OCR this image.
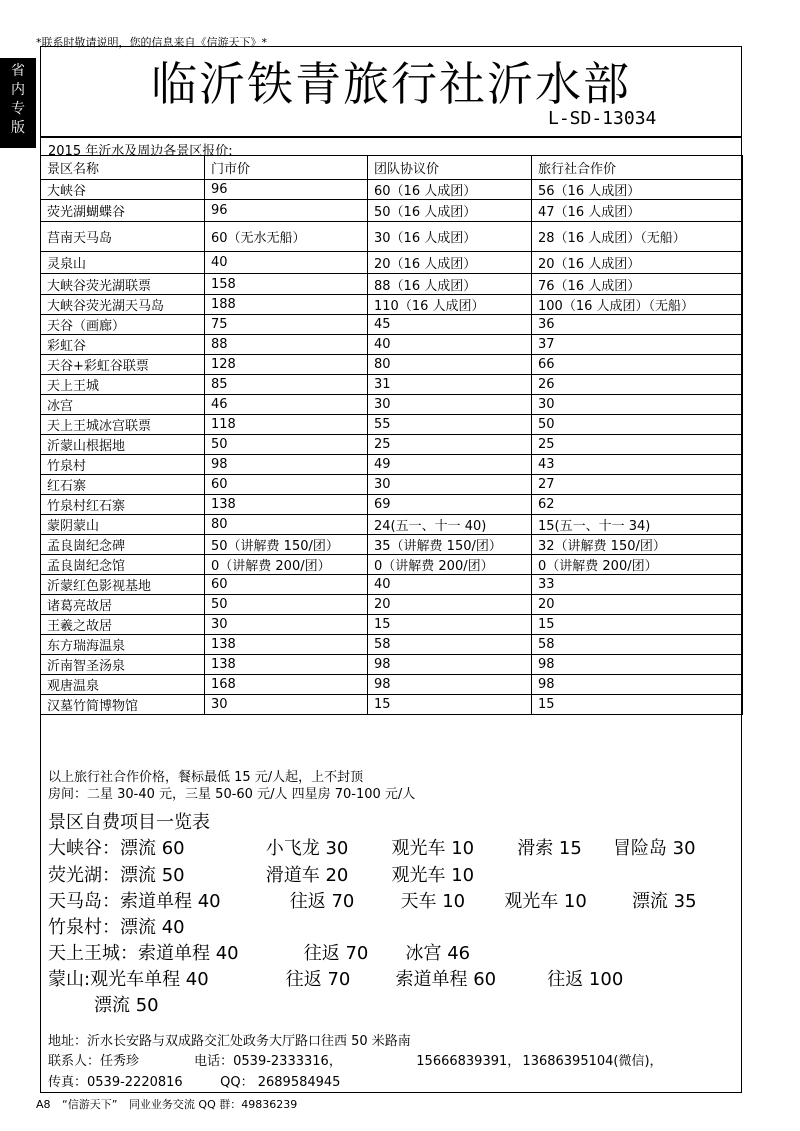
*联系时敬请说明，您的信息来自《信游天下》*
省
内
专
版
临沂铁青旅行社沂水部
L-SD-13034
2015 年沂水及周边各景区报价:
景区名称	门市价	团队协议价	旅行社合作价
大峡谷	96	60（16 人成团）	56（16 人成团）
荧光湖蝴蝶谷	96	50（16 人成团）	47（16 人成团）
莒南天马岛	60（无水无船）	30（16 人成团）	28（16 人成团）（无船）
灵泉山	40	20（16 人成团）	20（16 人成团）
大峡谷荧光湖联票	158	88（16 人成团）	76（16 人成团）
大峡谷荧光湖天马岛	188	110（16 人成团）	100（16 人成团）（无船）
天谷（画廊）	75	45	36
彩虹谷	88	40	37
天谷+彩虹谷联票	128	80	66
天上王城	85	31	26
冰宫	46	30	30
天上王城冰宫联票	118	55	50
沂蒙山根据地	50	25	25
竹泉村	98	49	43
红石寨	60	30	27
竹泉村红石寨	138	69	62
蒙阴蒙山	80	24(五一、十一 40)	15(五一、十一 34)
孟良崮纪念碑	50（讲解费 150/团）	35（讲解费 150/团）	32（讲解费 150/团）
孟良崮纪念馆	0（讲解费 200/团）	0（讲解费 200/团）	0（讲解费 200/团）
沂蒙红色影视基地	60	40	33
诸葛亮故居	50	20	20
王羲之故居	30	15	15
东方瑞海温泉	138	58	58
沂南智圣汤泉	138	98	98
观唐温泉	168	98	98
汉墓竹简博物馆	30	15	15
以上旅行社合作价格，餐标最低 15 元/人起，上不封顶
房间：二星 30-40 元，三星 50-60 元/人 四星房 70-100 元/人
景区自费项目一览表
大峡谷：漂流 60	小飞龙 30 观光车 10 滑索 15 冒险岛 30
荧光湖：漂流 50	滑道车 20 观光车 10
天马岛：索道单程 40	往返 70	天车 10 观光车 10	漂流 35
竹泉村：漂流 40
天上王城：索道单程 40	往返 70 冰宫 46
蒙山:观光车单程 40	往返 70	索道单程 60	往返 100
漂流 50
地址：沂水长安路与双成路交汇处政务大厅路口往西 50 米路南
联系人：任秀珍	电话：0539-2333316，	15666839391， 13686395104(微信)，
传真：0539-2220816	QQ： 2689584945
A8 “信游天下” 同业业务交流 QQ 群：49836239
